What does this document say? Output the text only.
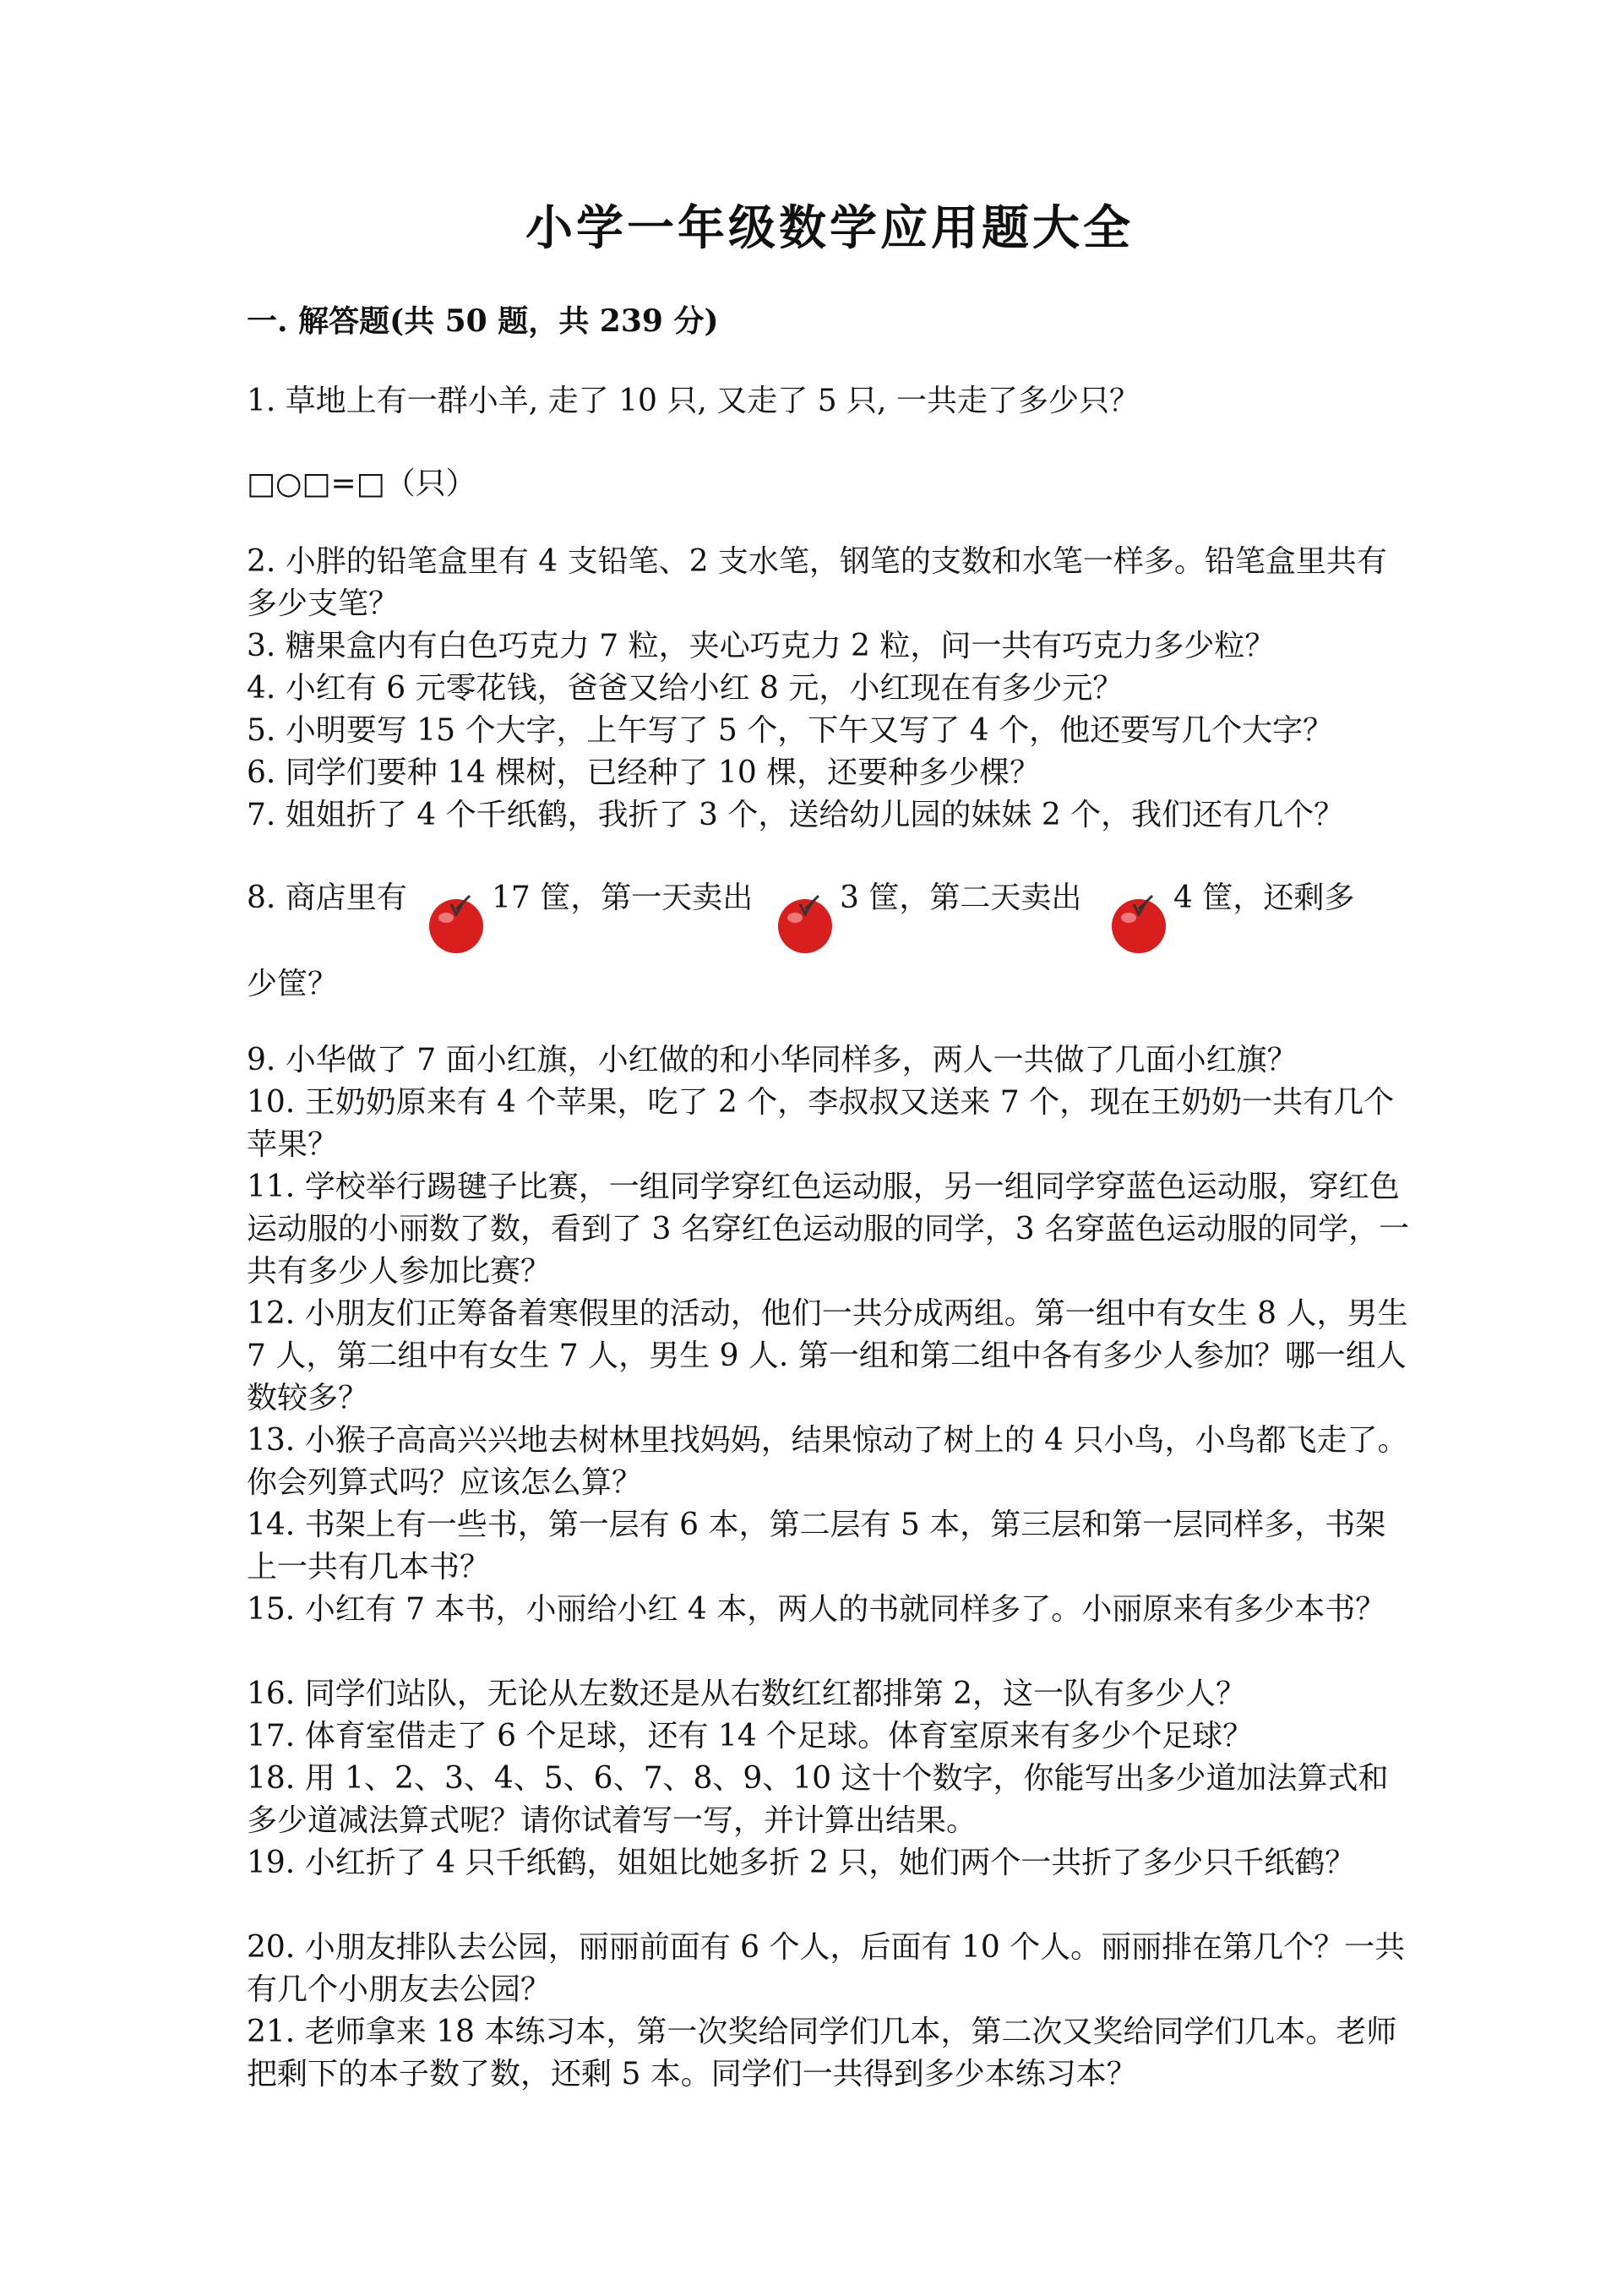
小学一年级数学应用题大全
一. 解答题(共 50 题，共 239 分)

1. 草地上有一群小羊, 走了 10 只, 又走了 5 只, 一共走了多少只？

□○□=□（只）

2. 小胖的铅笔盒里有 4 支铅笔、2 支水笔，钢笔的支数和水笔一样多。铅笔盒里共有多少支笔？

3. 糖果盒内有白色巧克力 7 粒，夹心巧克力 2 粒，问一共有巧克力多少粒？

4. 小红有 6 元零花钱，爸爸又给小红 8 元，小红现在有多少元？

5. 小明要写 15 个大字，上午写了 5 个，下午又写了 4 个，他还要写几个大字？

6. 同学们要种 14 棵树，已经种了 10 棵，还要种多少棵？

7. 姐姐折了 4 个千纸鹤，我折了 3 个，送给幼儿园的妹妹 2 个，我们还有几个？

8. 商店里有	17 筐，第一天卖出	3 筐，第二天卖出	4 筐，还剩多

少筐？

9. 小华做了 7 面小红旗，小红做的和小华同样多，两人一共做了几面小红旗？

10. 王奶奶原来有 4 个苹果，吃了 2 个，李叔叔又送来 7 个，现在王奶奶一共有几个苹果？

11. 学校举行踢毽子比赛，一组同学穿红色运动服，另一组同学穿蓝色运动服，穿红色运动服的小丽数了数，看到了 3 名穿红色运动服的同学，3 名穿蓝色运动服的同学，一共有多少人参加比赛？

12. 小朋友们正筹备着寒假里的活动，他们一共分成两组。第一组中有女生 8 人，男生 7 人，第二组中有女生 7 人，男生 9 人. 第一组和第二组中各有多少人参加？哪一组人数较多？

13. 小猴子高高兴兴地去树林里找妈妈，结果惊动了树上的 4 只小鸟，小鸟都飞走了。你会列算式吗？应该怎么算？

14. 书架上有一些书，第一层有 6 本，第二层有 5 本，第三层和第一层同样多，书架上一共有几本书？

15. 小红有 7 本书，小丽给小红 4 本，两人的书就同样多了。小丽原来有多少本书？

16. 同学们站队，无论从左数还是从右数红红都排第 2，这一队有多少人？

17. 体育室借走了 6 个足球，还有 14 个足球。体育室原来有多少个足球？

18. 用 1、2、3、4、5、6、7、8、9、10 这十个数字，你能写出多少道加法算式和多少道减法算式呢？请你试着写一写，并计算出结果。

19. 小红折了 4 只千纸鹤，姐姐比她多折 2 只，她们两个一共折了多少只千纸鹤？

20. 小朋友排队去公园，丽丽前面有 6 个人，后面有 10 个人。丽丽排在第几个？一共有几个小朋友去公园？

21. 老师拿来 18 本练习本，第一次奖给同学们几本，第二次又奖给同学们几本。老师把剩下的本子数了数，还剩 5 本。同学们一共得到多少本练习本？
